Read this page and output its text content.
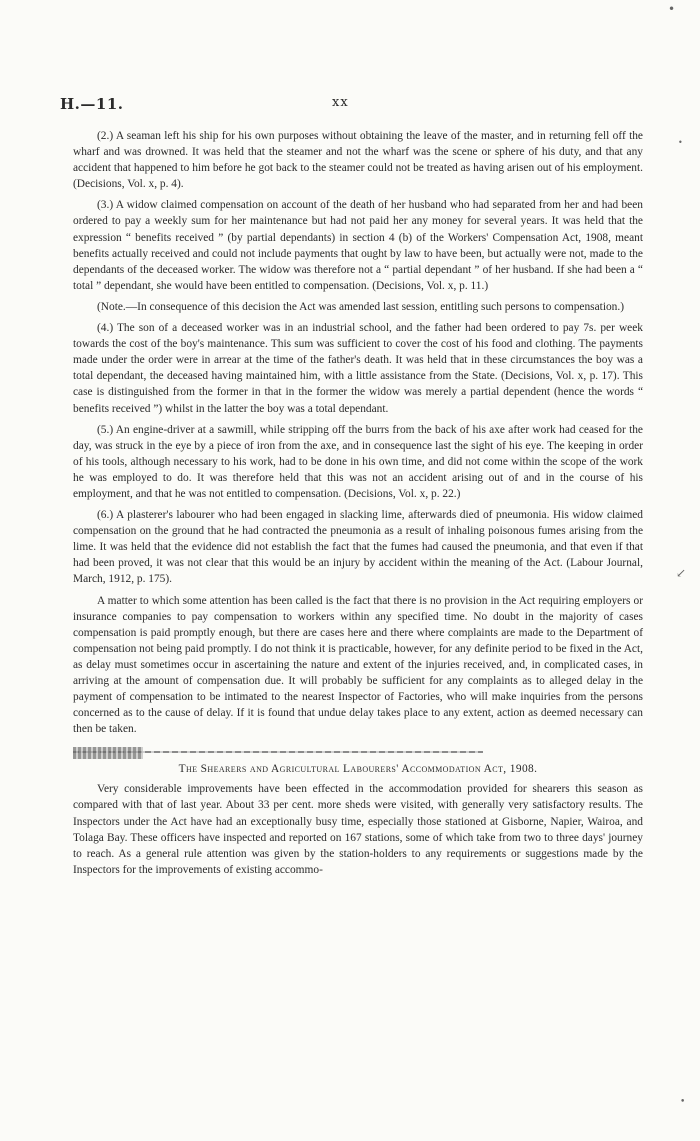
•
•
↙
•
H.—11.	xx

(2.) A seaman left his ship for his own purposes without obtaining the leave of the master, and in returning fell off the wharf and was drowned. It was held that the steamer and not the wharf was the scene or sphere of his duty, and that any accident that happened to him before he got back to the steamer could not be treated as having arisen out of his employment. (Decisions, Vol. x, p. 4).

(3.) A widow claimed compensation on account of the death of her husband who had separated from her and had been ordered to pay a weekly sum for her maintenance but had not paid her any money for several years. It was held that the expression “ benefits received ” (by partial dependants) in section 4 (b) of the Workers' Compensation Act, 1908, meant benefits actually received and could not include payments that ought by law to have been, but actually were not, made to the dependants of the deceased worker. The widow was therefore not a “ partial dependant ” of her husband. If she had been a “ total ” dependant, she would have been entitled to compensation. (Decisions, Vol. x, p. 11.)

(Note.—In consequence of this decision the Act was amended last session, entitling such persons to compensation.)

(4.) The son of a deceased worker was in an industrial school, and the father had been ordered to pay 7s. per week towards the cost of the boy's maintenance. This sum was sufficient to cover the cost of his food and clothing. The payments made under the order were in arrear at the time of the father's death. It was held that in these circumstances the boy was a total dependant, the deceased having maintained him, with a little assistance from the State. (Decisions, Vol. x, p. 17). This case is distinguished from the former in that in the former the widow was merely a partial dependent (hence the words “ benefits received ”) whilst in the latter the boy was a total dependant.

(5.) An engine-driver at a sawmill, while stripping off the burrs from the back of his axe after work had ceased for the day, was struck in the eye by a piece of iron from the axe, and in consequence last the sight of his eye. The keeping in order of his tools, although necessary to his work, had to be done in his own time, and did not come within the scope of the work he was employed to do. It was therefore held that this was not an accident arising out of and in the course of his employment, and that he was not entitled to compensation. (Decisions, Vol. x, p. 22.)

(6.) A plasterer's labourer who had been engaged in slacking lime, afterwards died of pneumonia. His widow claimed compensation on the ground that he had contracted the pneumonia as a result of inhaling poisonous fumes arising from the lime. It was held that the evidence did not establish the fact that the fumes had caused the pneumonia, and that even if that had been proved, it was not clear that this would be an injury by accident within the meaning of the Act. (Labour Journal, March, 1912, p. 175).

A matter to which some attention has been called is the fact that there is no provision in the Act requiring employers or insurance companies to pay compensation to workers within any specified time. No doubt in the majority of cases compensation is paid promptly enough, but there are cases here and there where complaints are made to the Department of compensation not being paid promptly. I do not think it is practicable, however, for any definite period to be fixed in the Act, as delay must sometimes occur in ascertaining the nature and extent of the injuries received, and, in complicated cases, in arriving at the amount of compensation due. It will probably be sufficient for any complaints as to alleged delay in the payment of compensation to be intimated to the nearest Inspector of Factories, who will make inquiries from the persons concerned as to the cause of delay. If it is found that undue delay takes place to any extent, action as deemed necessary can then be taken.

The Shearers and Agricultural Labourers' Accommodation Act, 1908.

Very considerable improvements have been effected in the accommodation provided for shearers this season as compared with that of last year. About 33 per cent. more sheds were visited, with generally very satisfactory results. The Inspectors under the Act have had an exceptionally busy time, especially those stationed at Gisborne, Napier, Wairoa, and Tolaga Bay. These officers have inspected and reported on 167 stations, some of which take from two to three days' journey to reach. As a general rule attention was given by the station-holders to any requirements or suggestions made by the Inspectors for the improvements of existing accommo-
